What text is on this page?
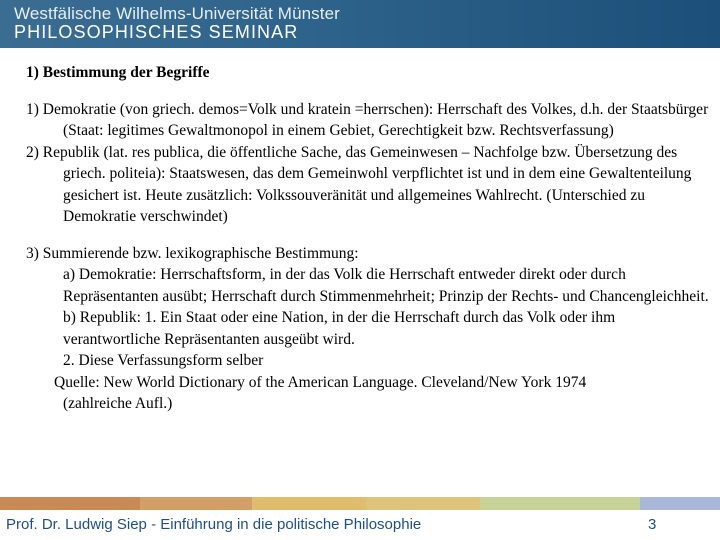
Westfälische Wilhelms-Universität Münster
PHILOSOPHISCHES SEMINAR

1) Bestimmung der Begriffe

1) Demokratie (von griech. demos=Volk und kratein =herrschen): Herrschaft des Volkes, d.h. der Staatsbürger (Staat: legitimes Gewaltmonopol in einem Gebiet, Gerechtigkeit bzw. Rechtsverfassung)

2) Republik (lat. res publica, die öffentliche Sache, das Gemeinwesen – Nachfolge bzw. Übersetzung des griech. politeia): Staatswesen, das dem Gemeinwohl verpflichtet ist und in dem eine Gewaltenteilung gesichert ist. Heute zusätzlich: Volkssouveränität und allgemeines Wahlrecht. (Unterschied zu Demokratie verschwindet)

3) Summierende bzw. lexikographische Bestimmung:

a) Demokratie: Herrschaftsform, in der das Volk die Herrschaft entweder direkt oder durch Repräsentanten ausübt; Herrschaft durch Stimmenmehrheit; Prinzip der Rechts- und Chancengleichheit.

b) Republik: 1. Ein Staat oder eine Nation, in der die Herrschaft durch das Volk oder ihm verantwortliche Repräsentanten ausgeübt wird.

2. Diese Verfassungsform selber

Quelle: New World Dictionary of the American Language. Cleveland/New York 1974

(zahlreiche Aufl.)

Prof. Dr. Ludwig Siep - Einführung in die politische Philosophie	3
